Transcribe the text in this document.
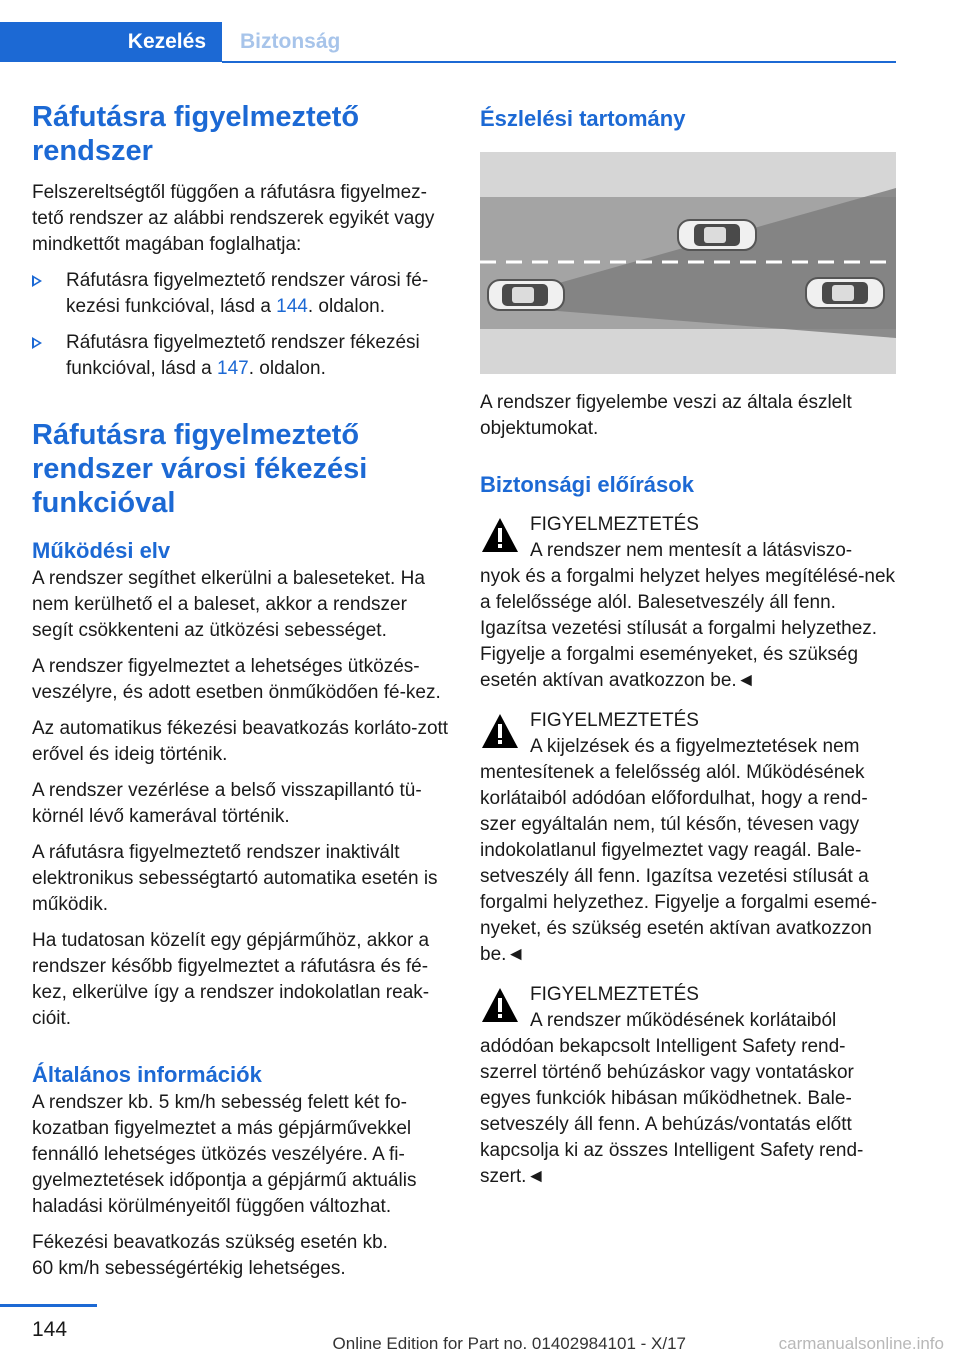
Kezelés	Biztonság
Ráfutásra figyelmeztető rendszer

Felszereltségtől függően a ráfutásra figyelmez-tető rendszer az alábbi rendszerek egyikét vagy mindkettőt magában foglalhatja:

Ráfutásra figyelmeztető rendszer városi fé-kezési funkcióval, lásd a 144. oldalon.
Ráfutásra figyelmeztető rendszer fékezési funkcióval, lásd a 147. oldalon.
Ráfutásra figyelmeztető rendszer városi fékezési funkcióval
Működési elv

A rendszer segíthet elkerülni a baleseteket. Ha nem kerülhető el a baleset, akkor a rendszer segít csökkenteni az ütközési sebességet.

A rendszer figyelmeztet a lehetséges ütközés-veszélyre, és adott esetben önműködően fé-kez.

Az automatikus fékezési beavatkozás korláto-zott erővel és ideig történik.

A rendszer vezérlése a belső visszapillantó tü-körnél lévő kamerával történik.

A ráfutásra figyelmeztető rendszer inaktivált elektronikus sebességtartó automatika esetén is működik.

Ha tudatosan közelít egy gépjárműhöz, akkor a rendszer később figyelmeztet a ráfutásra és fé-kez, elkerülve így a rendszer indokolatlan reak-cióit.

Általános információk

A rendszer kb. 5 km/h sebesség felett két fo-kozatban figyelmeztet a más gépjárművekkel fennálló lehetséges ütközés veszélyére. A fi-gyelmeztetések időpontja a gépjármű aktuális haladási körülményeitől függően változhat.

Fékezési beavatkozás szükség esetén kb.
60 km/h sebességértékig lehetséges.

Észlelési tartomány

A rendszer figyelembe veszi az általa észlelt objektumokat.

Biztonsági előírások
FIGYELMEZTETÉS
A rendszer nem mentesít a látásviszo-

nyok és a forgalmi helyzet helyes megítélésé-nek a felelőssége alól. Balesetveszély áll fenn. Igazítsa vezetési stílusát a forgalmi helyzethez. Figyelje a forgalmi eseményeket, és szükség esetén aktívan avatkozzon be.◄

FIGYELMEZTETÉS
A kijelzések és a figyelmeztetések nem

mentesítenek a felelősség alól. Működésének korlátaiból adódóan előfordulhat, hogy a rend-szer egyáltalán nem, túl későn, tévesen vagy indokolatlanul figyelmeztet vagy reagál. Bale-setveszély áll fenn. Igazítsa vezetési stílusát a forgalmi helyzethez. Figyelje a forgalmi esemé-nyeket, és szükség esetén aktívan avatkozzon be.◄

FIGYELMEZTETÉS
A rendszer működésének korlátaiból

adódóan bekapcsolt Intelligent Safety rend-szerrel történő behúzáskor vagy vontatáskor egyes funkciók hibásan működhetnek. Bale-setveszély áll fenn. A behúzás/vontatás előtt kapcsolja ki az összes Intelligent Safety rend-szert.◄

144
Online Edition for Part no. 01402984101 - X/17	carmanualsonline.info
